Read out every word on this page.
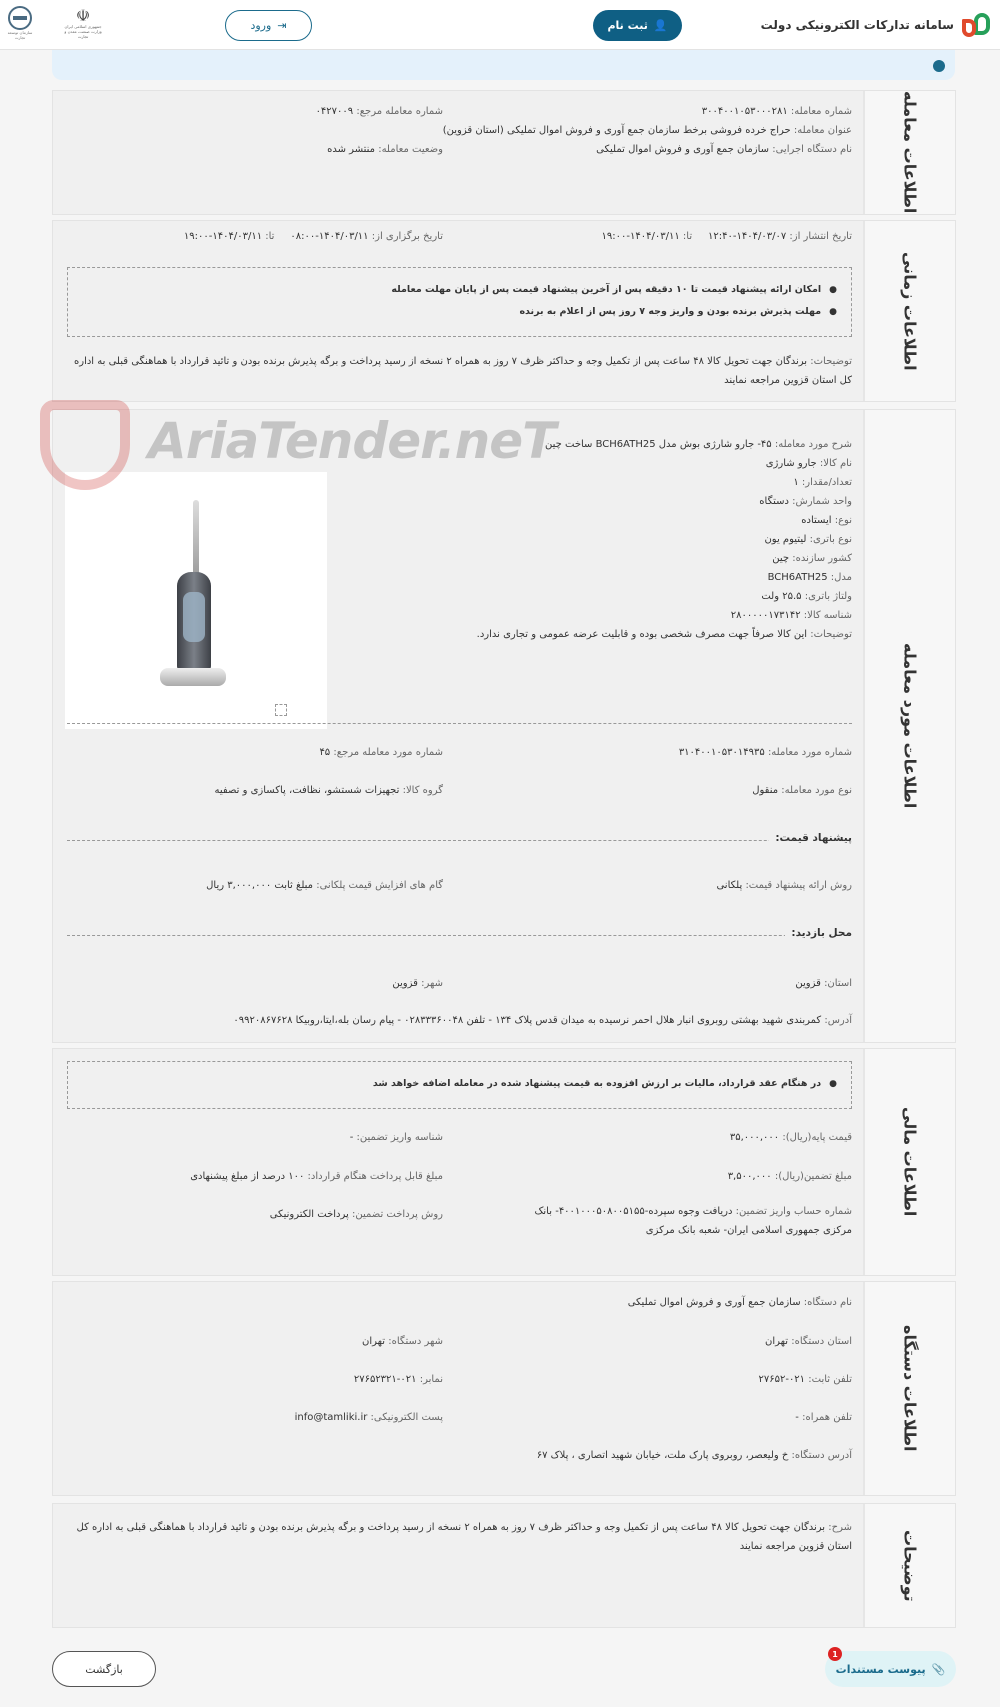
سامانه تدارکات الکترونیکی دولت
👤
ثبت نام
⇥
ورود
☫
جمهوری اسلامی ایران وزارت صنعت، معدن و تجارت
سازمان توسعه تجارت
اطلاعات معامله
شماره معامله: ۳۰۰۴۰۰۱۰۵۳۰۰۰۲۸۱
شماره معامله مرجع: ۰۴۲۷۰۰۹
عنوان معامله: حراج خرده فروشی برخط سازمان جمع آوری و فروش اموال تملیکی (استان قزوین)
نام دستگاه اجرایی: سازمان جمع آوری و فروش اموال تملیکی
وضعیت معامله: منتشر شده
اطلاعات زمانی
تاریخ انتشار از: ۱۴۰۴/۰۳/۰۷-۱۲:۴۰     تا: ۱۴۰۴/۰۳/۱۱-۱۹:۰۰
تاریخ برگزاری از: ۱۴۰۴/۰۳/۱۱-۰۸:۰۰     تا: ۱۴۰۴/۰۳/۱۱-۱۹:۰۰
● امکان ارائه پیشنهاد قیمت تا ۱۰ دقیقه پس از آخرین پیشنهاد قیمت پس از پایان مهلت معامله
● مهلت پذیرش برنده بودن و واریز وجه ۷ روز پس از اعلام به برنده
توضیحات: برندگان جهت تحویل کالا ۴۸ ساعت پس از تکمیل وجه و حداکثر ظرف ۷ روز به همراه ۲ نسخه از رسید پرداخت و برگه پذیرش برنده بودن و تائید قرارداد با هماهنگی قبلی به اداره کل استان قزوین مراجعه نمایند
اطلاعات مورد معامله
شرح مورد معامله: ۴۵- جارو شارژی بوش مدل BCH6ATH25 ساخت چین
نام کالا: جارو شارژی
تعداد/مقدار: ۱
واحد شمارش: دستگاه
نوع: ایستاده
نوع باتری: لیتیوم یون
کشور سازنده: چین
مدل: BCH6ATH25
ولتاژ باتری: ۲۵.۵ ولت
شناسه کالا: ۲۸۰۰۰۰۰۱۷۳۱۴۲
توضیحات: این کالا صرفاً جهت مصرف شخصی بوده و قابلیت عرضه عمومی و تجاری ندارد.
شماره مورد معامله: ۳۱۰۴۰۰۱۰۵۳۰۱۴۹۳۵
شماره مورد معامله مرجع: ۴۵
نوع مورد معامله: منقول
گروه کالا: تجهیزات شستشو، نظافت، پاکسازی و تصفیه
پیشنهاد قیمت:
روش ارائه پیشنهاد قیمت: پلکانی
گام های افزایش قیمت پلکانی: مبلغ ثابت ۳,۰۰۰,۰۰۰ ریال
محل بازدید:
استان: قزوین
شهر: قزوین
آدرس: کمربندی شهید بهشتی روبروی انبار هلال احمر نرسیده به میدان قدس پلاک ۱۳۴ - تلفن ۰۲۸۳۳۳۶۰۰۴۸ - پیام رسان بله،ایتا،روبیکا ۰۹۹۲۰۸۶۷۶۲۸
AriaTender.neT
اطلاعات مالی
● در هنگام عقد قرارداد، مالیات بر ارزش افزوده به قیمت پیشنهاد شده در معامله اضافه خواهد شد
قیمت پایه(ریال): ۳۵,۰۰۰,۰۰۰
شناسه واریز تضمین: -
مبلغ تضمین(ریال): ۳,۵۰۰,۰۰۰
مبلغ قابل پرداخت هنگام قرارداد: ۱۰۰ درصد از مبلغ پیشنهادی
شماره حساب واریز تضمین: دریافت وجوه سپرده-۴۰۰۱۰۰۰۵۰۸۰۰۵۱۵۵- بانک مرکزی جمهوری اسلامی ایران- شعبه بانک مرکزی
روش پرداخت تضمین: پرداخت الکترونیکی
اطلاعات دستگاه
نام دستگاه: سازمان جمع آوری و فروش اموال تملیکی
استان دستگاه: تهران
شهر دستگاه: تهران
تلفن ثابت: ۰۲۱-۲۷۶۵۲
نمابر: ۰۲۱-۲۷۶۵۲۳۲۱
تلفن همراه: -
پست الکترونیکی: info@tamliki.ir
آدرس دستگاه: خ ولیعصر، روبروی پارک ملت، خیابان شهید اتصاری ، پلاک ۶۷
توضیحات
شرح: برندگان جهت تحویل کالا ۴۸ ساعت پس از تکمیل وجه و حداکثر ظرف ۷ روز به همراه ۲ نسخه از رسید پرداخت و برگه پذیرش برنده بودن و تائید قرارداد با هماهنگی قبلی به اداره کل استان قزوین مراجعه نمایند
بازگشت	📎
پیوست مستندات
1
